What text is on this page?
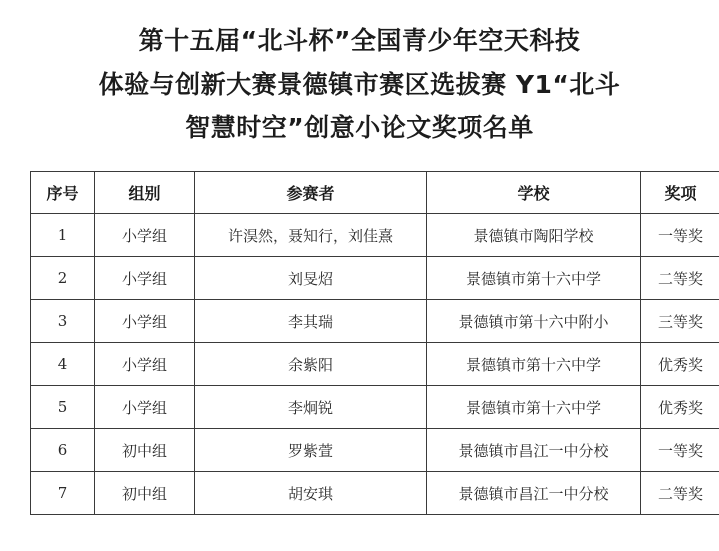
第十五届“北斗杯”全国青少年空天科技
体验与创新大赛景德镇市赛区选拔赛 Y1“北斗
智慧时空”创意小论文奖项名单
序号	组别	参赛者	学校	奖项
1	小学组	许淏然，聂知行，刘佳熹	景德镇市陶阳学校	一等奖
2	小学组	刘旻炤	景德镇市第十六中学	二等奖
3	小学组	李其瑞	景德镇市第十六中附小	三等奖
4	小学组	余紫阳	景德镇市第十六中学	优秀奖
5	小学组	李炯锐	景德镇市第十六中学	优秀奖
6	初中组	罗紫萱	景德镇市昌江一中分校	一等奖
7	初中组	胡安琪	景德镇市昌江一中分校	二等奖
